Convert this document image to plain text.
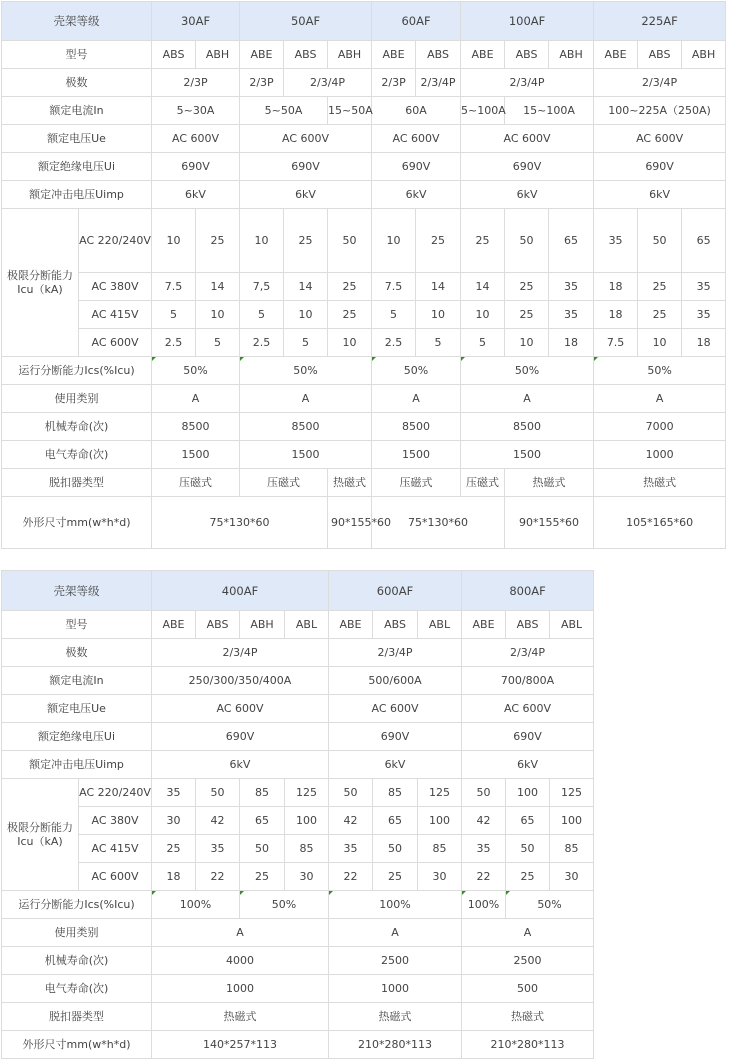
壳架等级		30AF		50AF			60AF		100AF			225AF		
型号		ABS	ABH	ABE	ABS	ABH	ABE	ABS	ABE	ABS	ABH	ABE	ABS	ABH
极数		2/3P		2/3P	2/3/4P		2/3P	2/3/4P	2/3/4P			2/3/4P		
额定电流In		5~30A		5~50A		15~50A	60A		5~100A	15~100A		100~225A（250A)		
额定电压Ue		AC 600V		AC 600V			AC 600V		AC 600V			AC 600V		
额定绝缘电压Ui		690V		690V			690V		690V			690V		
额定冲击电压Uimp		6kV		6kV			6kV		6kV			6kV		
极限分断能力Icu（kA)	AC 220/240V	10	25	10	25	50	10	25	25	50	65	35	50	65
	AC 380V	7.5	14	7,5	14	25	7.5	14	14	25	35	18	25	35
	AC 415V	5	10	5	10	25	5	10	10	25	35	18	25	35
	AC 600V	2.5	5	2.5	5	10	2.5	5	5	10	18	7.5	10	18
运行分断能力Ics(%Icu)		50%		50%			50%		50%			50%		
使用类别		A		A			A		A			A		
机械寿命(次)		8500		8500			8500		8500			7000		
电气寿命(次)		1500		1500			1500		1500			1000		
脱扣器类型		压磁式		压磁式		热磁式	压磁式		压磁式	热磁式		热磁式		
外形尺寸mm(w*h*d)		75*130*60				90*155*60	75*130*60			90*155*60		105*165*60		
壳架等级		400AF				600AF			800AF		
型号		ABE	ABS	ABH	ABL	ABE	ABS	ABL	ABE	ABS	ABL
极数		2/3/4P				2/3/4P			2/3/4P		
额定电流In		250/300/350/400A				500/600A			700/800A		
额定电压Ue		AC 600V				AC 600V			AC 600V		
额定绝缘电压Ui		690V				690V			690V		
额定冲击电压Uimp		6kV				6kV			6kV		
极限分断能力Icu（kA)	AC 220/240V	35	50	85	125	50	85	125	50	100	125
	AC 380V	30	42	65	100	42	65	100	42	65	100
	AC 415V	25	35	50	85	35	50	85	35	50	85
	AC 600V	18	22	25	30	22	25	30	22	25	30
运行分断能力Ics(%Icu)		100%		50%		100%			100%	50%	
使用类别		A				A			A		
机械寿命(次)		4000				2500			2500		
电气寿命(次)		1000				1000			500		
脱扣器类型		热磁式				热磁式			热磁式		
外形尺寸mm(w*h*d)		140*257*113				210*280*113			210*280*113		
